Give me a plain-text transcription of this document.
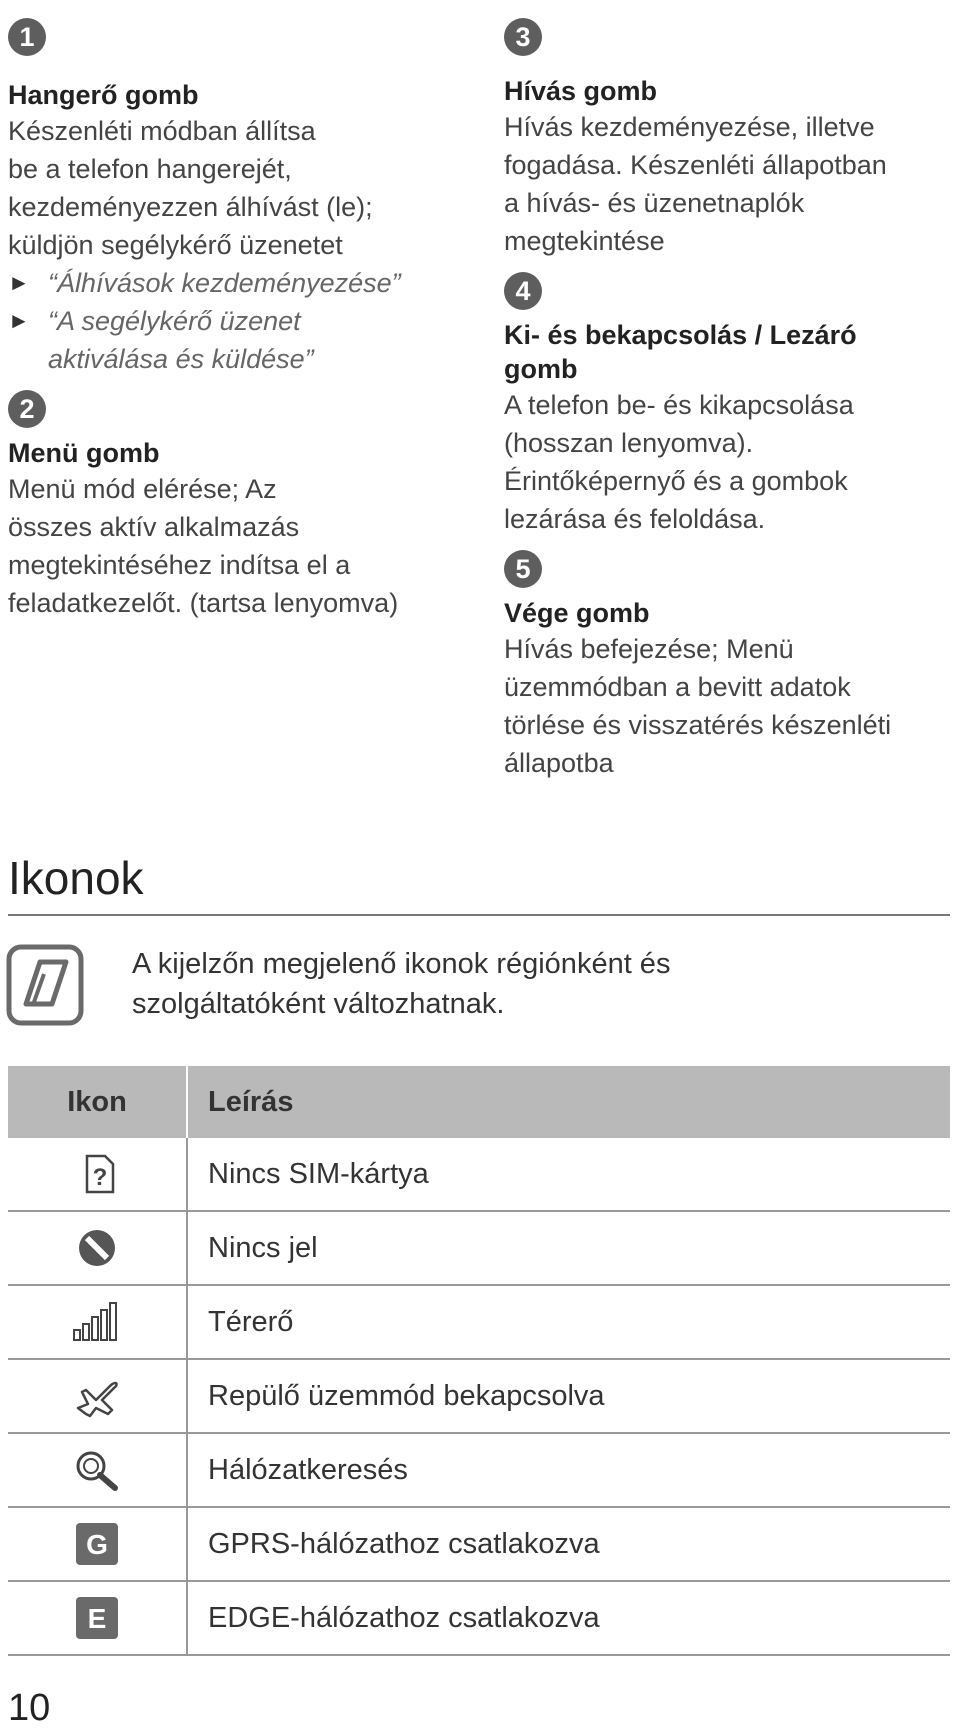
1
Hangerő gomb
Készenléti módban állítsa
be a telefon hangerejét,
kezdeményezzen álhívást (le);
küldjön segélykérő üzenetet
► “Álhívások kezdeményezése”
► “A segélykérő üzenet
aktiválása és küldése”
2
Menü gomb
Menü mód elérése; Az
összes aktív alkalmazás
megtekintéséhez indítsa el a
feladatkezelőt. (tartsa lenyomva)
3
Hívás gomb
Hívás kezdeményezése, illetve
fogadása. Készenléti állapotban
a hívás- és üzenetnaplók
megtekintése
4
Ki- és bekapcsolás / Lezáró
gomb
A telefon be- és kikapcsolása
(hosszan lenyomva).
Érintőképernyő és a gombok
lezárása és feloldása.
5
Vége gomb
Hívás befejezése; Menü
üzemmódban a bevitt adatok
törlése és visszatérés készenléti
állapotba
Ikonok
A kijelzőn megjelenő ikonok régiónként és
szolgáltatóként változhatnak.
Ikon	Leírás

?	Nincs SIM-kártya
	Nincs jel
	Térerő
	Repülő üzemmód bekapcsolva
	Hálózatkeresés

G	GPRS-hálózathoz csatlakozva

E	EDGE-hálózathoz csatlakozva
10
